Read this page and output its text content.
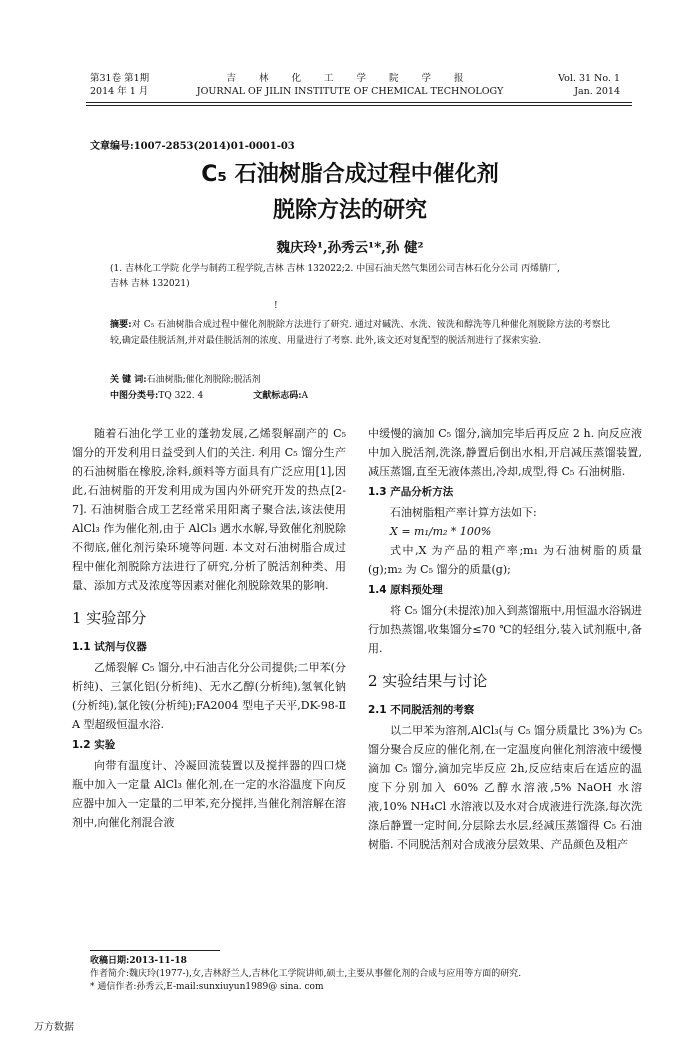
第31卷 第1期
2014 年 1 月
吉 林 化 工 学 院 学 报
JOURNAL OF JILIN INSTITUTE OF CHEMICAL TECHNOLOGY
Vol. 31 No. 1
Jan. 2014
文章编号:1007-2853(2014)01-0001-03
C₅ 石油树脂合成过程中催化剂
脱除方法的研究
魏庆玲¹,孙秀云¹*,孙 健²
(1. 吉林化工学院 化学与制药工程学院,吉林 吉林 132022;2. 中国石油天然气集团公司吉林石化分公司 丙烯腈厂,
吉林 吉林 132021)
!
摘要:对 C₅ 石油树脂合成过程中催化剂脱除方法进行了研究. 通过对碱洗、水洗、铵洗和醇洗等几种催化剂脱除方法的考察比较,确定最佳脱活剂,并对最佳脱活剂的浓度、用量进行了考察. 此外,该文还对复配型的脱活剂进行了探索实验.
关 键 词:石油树脂;催化剂脱除;脱活剂
中图分类号:TQ 322. 4	文献标志码:A

随着石油化学工业的蓬勃发展,乙烯裂解副产的 C₅ 馏分的开发利用日益受到人们的关注. 利用 C₅ 馏分生产的石油树脂在橡胶,涂料,颜料等方面具有广泛应用[1],因此,石油树脂的开发利用成为国内外研究开发的热点[2-7]. 石油树脂合成工艺经常采用阳离子聚合法,该法使用 AlCl₃ 作为催化剂,由于 AlCl₃ 遇水水解,导致催化剂脱除不彻底,催化剂污染环境等问题. 本文对石油树脂合成过程中催化剂脱除方法进行了研究,分析了脱活剂种类、用量、添加方式及浓度等因素对催化剂脱除效果的影响.

1 实验部分
1.1 试剂与仪器

乙烯裂解 C₅ 馏分,中石油吉化分公司提供;二甲苯(分析纯)、三氯化铝(分析纯)、无水乙醇(分析纯),氢氧化钠(分析纯),氯化铵(分析纯);FA2004 型电子天平,DK-98-Ⅱ A 型超级恒温水浴.

1.2 实验

向带有温度计、冷凝回流装置以及搅拌器的四口烧瓶中加入一定量 AlCl₃ 催化剂,在一定的水浴温度下向反应器中加入一定量的二甲苯,充分搅拌,当催化剂溶解在溶剂中,向催化剂混合液

中缓慢的滴加 C₅ 馏分,滴加完毕后再反应 2 h. 向反应液中加入脱活剂,洗涤,静置后倒出水相,开启减压蒸馏装置,减压蒸馏,直至无液体蒸出,冷却,成型,得 C₅ 石油树脂.

1.3 产品分析方法

石油树脂粗产率计算方法如下:

X = m₁/m₂ * 100%

式中,X 为产品的粗产率;m₁ 为石油树脂的质量(g);m₂ 为 C₅ 馏分的质量(g);

1.4 原料预处理

将 C₅ 馏分(未提浓)加入到蒸馏瓶中,用恒温水浴锅进行加热蒸馏,收集馏分≤70 ℃的轻组分,装入试剂瓶中,备用.

2 实验结果与讨论
2.1 不同脱活剂的考察

以二甲苯为溶剂,AlCl₃(与 C₅ 馏分质量比 3%)为 C₅ 馏分聚合反应的催化剂,在一定温度向催化剂溶液中缓慢滴加 C₅ 馏分,滴加完毕反应 2h,反应结束后在适应的温度下分别加入 60% 乙醇水溶液,5% NaOH 水溶液,10% NH₄Cl 水溶液以及水对合成液进行洗涤,每次洗涤后静置一定时间,分层除去水层,经减压蒸馏得 C₅ 石油树脂. 不同脱活剂对合成液分层效果、产品颜色及粗产

收稿日期:2013-11-18
作者简介:魏庆玲(1977-),女,吉林舒兰人,吉林化工学院讲师,硕士,主要从事催化剂的合成与应用等方面的研究.
* 通信作者:孙秀云,E-mail:sunxiuyun1989@ sina. com
万方数据
